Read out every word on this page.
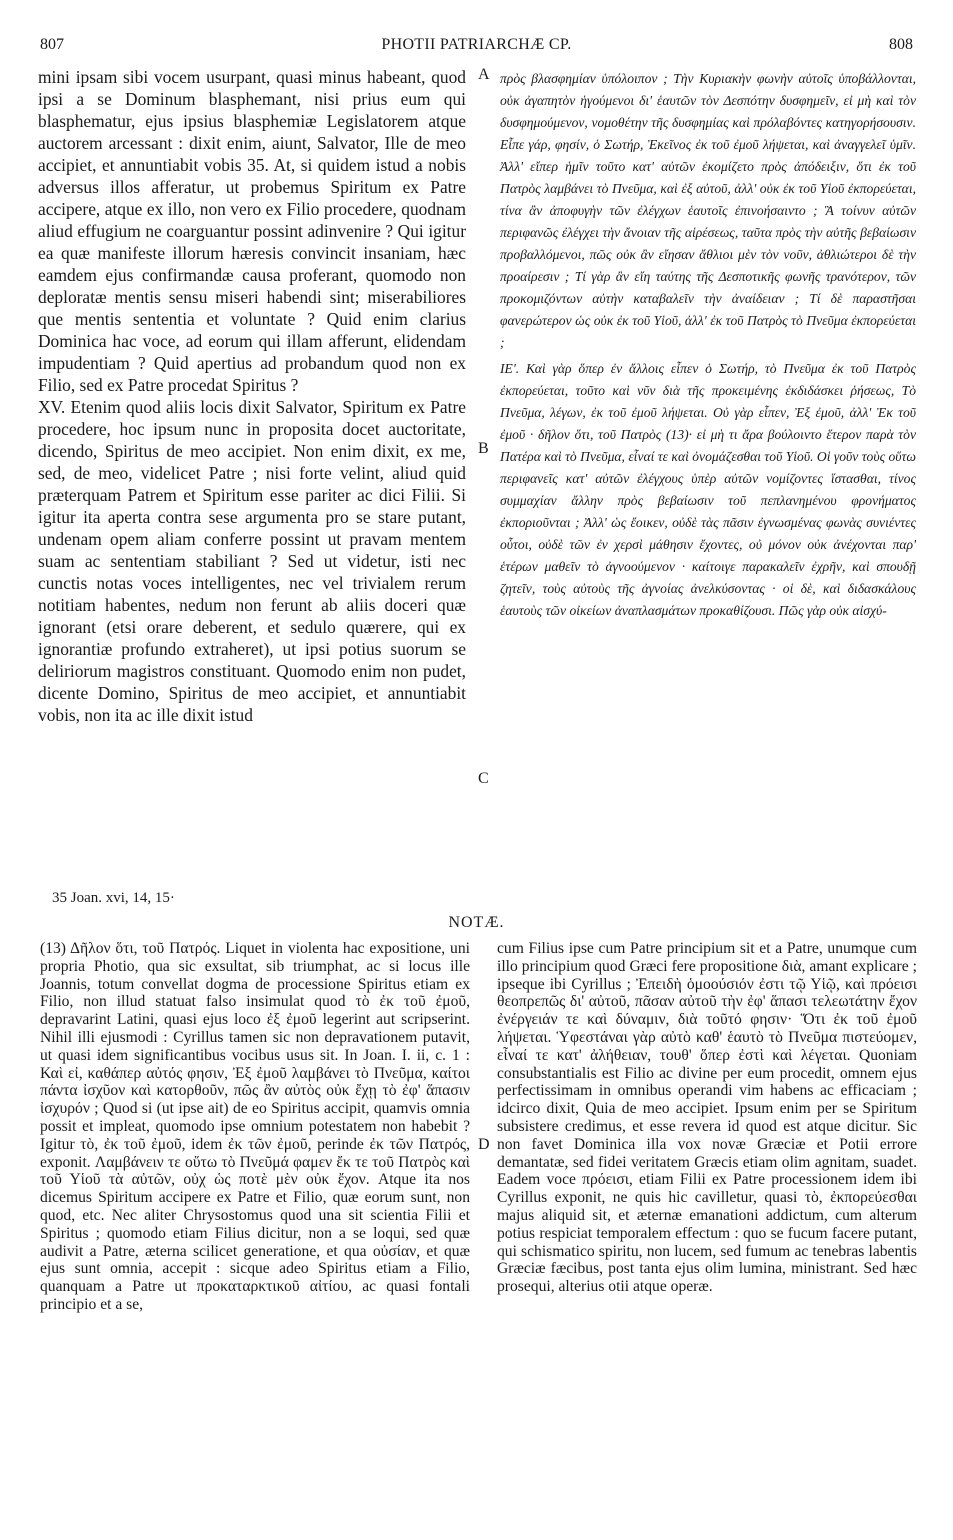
807	PHOTII PATRIARCHÆ CP.	808

mini ipsam sibi vocem usurpant, quasi minus habeant, quod ipsi a se Dominum blasphemant, nisi prius eum qui blasphematur, ejus ipsius blasphemiæ Legislatorem atque auctorem arcessant : dixit enim, aiunt, Salvator, Ille de meo accipiet, et annuntiabit vobis 35. At, si quidem istud a nobis adversus illos afferatur, ut probemus Spiritum ex Patre accipere, atque ex illo, non vero ex Filio procedere, quodnam aliud effugium ne coarguantur possint adinvenire ? Qui igitur ea quæ manifeste illorum hæresis convincit insaniam, hæc eamdem ejus confirmandæ causa proferant, quomodo non deploratæ mentis sensu miseri habendi sint; miserabiliores que mentis sententia et voluntate ? Quid enim clarius Dominica hac voce, ad eorum qui illam afferunt, elidendam impudentiam ? Quid apertius ad probandum quod non ex Filio, sed ex Patre procedat Spiritus ?

XV. Etenim quod aliis locis dixit Salvator, Spiritum ex Patre procedere, hoc ipsum nunc in proposita docet auctoritate, dicendo, Spiritus de meo accipiet. Non enim dixit, ex me, sed, de meo, videlicet Patre ; nisi forte velint, aliud quid præterquam Patrem et Spiritum esse pariter ac dici Filii. Si igitur ita aperta contra sese argumenta pro se stare putant, undenam opem aliam conferre possint ut pravam mentem suam ac sententiam stabiliant ? Sed ut videtur, isti nec cunctis notas voces intelligentes, nec vel trivialem rerum notitiam habentes, nedum non ferunt ab aliis doceri quæ ignorant (etsi orare deberent, et sedulo quærere, qui ex ignorantiæ profundo extraheret), ut ipsi potius suorum se deliriorum magistros constituant. Quomodo enim non pudet, dicente Domino, Spiritus de meo accipiet, et annuntiabit vobis, non ita ac ille dixit istud

A
B
C
D

πρὸς βλασφημίαν ὑπόλοιπον ; Τὴν Κυριακὴν φωνὴν αὐτοῖς ὑποβάλλονται, οὐκ ἀγαπητὸν ἡγούμενοι δι' ἑαυτῶν τὸν Δεσπότην δυσφημεῖν, εἰ μὴ καὶ τὸν δυσφημούμενον, νομοθέτην τῆς δυσφημίας καὶ πρόλαβόντες κατηγορήσουσιν. Εἶπε γάρ, φησίν, ὁ Σωτήρ, Ἐκεῖνος ἐκ τοῦ ἐμοῦ λήψεται, καὶ ἀναγγελεῖ ὑμῖν. Ἀλλ' εἴπερ ἡμῖν τοῦτο κατ' αὐτῶν ἐκομίζετο πρὸς ἀπόδειξιν, ὅτι ἐκ τοῦ Πατρὸς λαμβάνει τὸ Πνεῦμα, καὶ ἐξ αὐτοῦ, ἀλλ' οὐκ ἐκ τοῦ Υἱοῦ ἐκπορεύεται, τίνα ἂν ἀποφυγὴν τῶν ἐλέγχων ἑαυτοῖς ἐπινοήσαιντο ; Ἃ τοίνυν αὐτῶν περιφανῶς ἐλέγχει τὴν ἄνοιαν τῆς αἱρέσεως, ταῦτα πρὸς τὴν αὐτῆς βεβαίωσιν προβαλλόμενοι, πῶς οὐκ ἂν εἴησαν ἄθλιοι μὲν τὸν νοῦν, ἀθλιώτεροι δὲ τὴν προαίρεσιν ; Τί γὰρ ἂν εἴη ταύτης τῆς Δεσποτικῆς φωνῆς τρανότερον, τῶν προκομιζόντων αὐτὴν καταβαλεῖν τὴν ἀναίδειαν ; Τί δὲ παραστῆσαι φανερώτερον ὡς οὐκ ἐκ τοῦ Υἱοῦ, ἀλλ' ἐκ τοῦ Πατρὸς τὸ Πνεῦμα ἐκπορεύεται ;

ΙΕ'. Καὶ γὰρ ὅπερ ἐν ἄλλοις εἶπεν ὁ Σωτήρ, τὸ Πνεῦμα ἐκ τοῦ Πατρὸς ἐκπορεύεται, τοῦτο καὶ νῦν διὰ τῆς προκειμένης ἐκδιδάσκει ῥήσεως, Τὸ Πνεῦμα, λέγων, ἐκ τοῦ ἐμοῦ λήψεται. Οὐ γὰρ εἶπεν, Ἐξ ἐμοῦ, ἀλλ' Ἐκ τοῦ ἐμοῦ · δῆλον ὅτι, τοῦ Πατρὸς (13)· εἰ μὴ τι ἄρα βούλοιντο ἕτερον παρὰ τὸν Πατέρα καὶ τὸ Πνεῦμα, εἶναί τε καὶ ὀνομάζεσθαι τοῦ Υἱοῦ. Οἱ γοῦν τοὺς οὕτω περιφανεῖς κατ' αὐτῶν ἐλέγχους ὑπὲρ αὐτῶν νομίζοντες ἵστασθαι, τίνος συμμαχίαν ἄλλην πρὸς βεβαίωσιν τοῦ πεπλανημένου φρονήματος ἐκποριοῦνται ; Ἀλλ' ὡς ἔοικεν, οὐδὲ τὰς πᾶσιν ἐγνωσμένας φωνὰς συνιέντες οὗτοι, οὐδὲ τῶν ἐν χερσὶ μάθησιν ἔχοντες, οὐ μόνον οὐκ ἀνέχονται παρ' ἑτέρων μαθεῖν τὸ ἀγνοούμενον · καίτοιγε παρακαλεῖν ἐχρῆν, καὶ σπουδῇ ζητεῖν, τοὺς αὐτοὺς τῆς ἀγνοίας ἀνελκύσοντας · οἱ δὲ, καὶ διδασκάλους ἑαυτοὺς τῶν οἰκείων ἀναπλασμάτων προκαθίζουσι. Πῶς γὰρ οὐκ αἰσχύ-

35 Joan. xvi, 14, 15·
NOTÆ.

(13) Δῆλον ὅτι, τοῦ Πατρός. Liquet in violenta hac expositione, uni propria Photio, qua sic exsultat, sib triumphat, ac si locus ille Joannis, totum convellat dogma de processione Spiritus etiam ex Filio, non illud statuat falso insimulat quod τὸ ἐκ τοῦ ἐμοῦ, depravarint Latini, quasi ejus loco ἐξ ἐμοῦ legerint aut scripserint. Nihil illi ejusmodi : Cyrillus tamen sic non depravationem putavit, ut quasi idem significantibus vocibus usus sit. In Joan. I. ii, c. 1 : Καὶ εἰ, καθάπερ αὐτός φησιν, Ἐξ ἐμοῦ λαμβάνει τὸ Πνεῦμα, καίτοι πάντα ἰσχῦον καὶ κατορθοῦν, πῶς ἂν αὐτὸς οὐκ ἔχῃ τὸ ἐφ' ἅπασιν ἰσχυρόν ; Quod si (ut ipse ait) de eo Spiritus accipit, quamvis omnia possit et impleat, quomodo ipse omnium potestatem non habebit ? Igitur τὸ, ἐκ τοῦ ἐμοῦ, idem ἐκ τῶν ἐμοῦ, perinde ἐκ τῶν Πατρός, exponit. Λαμβάνειν τε οὕτω τὸ Πνεῦμά φαμεν ἔκ τε τοῦ Πατρὸς καὶ τοῦ Υἱοῦ τὰ αὐτῶν, οὐχ ὡς ποτὲ μὲν οὐκ ἔχον. Atque ita nos dicemus Spiritum accipere ex Patre et Filio, quæ eorum sunt, non quod, etc. Nec aliter Chrysostomus quod una sit scientia Filii et Spiritus ; quomodo etiam Filius dicitur, non a se loqui, sed quæ audivit a Patre, æterna scilicet generatione, et qua οὐσίαν, et quæ ejus sunt omnia, accepit : sicque adeo Spiritus etiam a Filio, quanquam a Patre ut προκαταρκτικοῦ αἰτίου, ac quasi fontali principio et a se,

cum Filius ipse cum Patre principium sit et a Patre, unumque cum illo principium quod Græci fere propositione διὰ, amant explicare ; ipseque ibi Cyrillus ; Ἐπειδὴ ὁμοούσιόν ἐστι τῷ Υἱῷ, καὶ πρόεισι θεοπρεπῶς δι' αὐτοῦ, πᾶσαν αὐτοῦ τὴν ἐφ' ἅπασι τελεωτάτην ἔχον ἐνέργειάν τε καὶ δύναμιν, διὰ τοῦτό φησιν· Ὅτι ἐκ τοῦ ἐμοῦ λήψεται. Ὑφεστάναι γὰρ αὐτὸ καθ' ἑαυτὸ τὸ Πνεῦμα πιστεύομεν, εἶναί τε κατ' ἀλήθειαν, τουθ' ὅπερ ἐστὶ καὶ λέγεται. Quoniam consubstantialis est Filio ac divine per eum procedit, omnem ejus perfectissimam in omnibus operandi vim habens ac efficaciam ; idcirco dixit, Quia de meo accipiet. Ipsum enim per se Spiritum subsistere credimus, et esse revera id quod est atque dicitur. Sic non favet Dominica illa vox novæ Græciæ et Potii errore demantatæ, sed fidei veritatem Græcis etiam olim agnitam, suadet. Eadem voce πρόεισι, etiam Filii ex Patre processionem idem ibi Cyrillus exponit, ne quis hic cavilletur, quasi τὸ, ἐκπορεύεσθαι majus aliquid sit, et æternæ emanationi addictum, cum alterum potius respiciat temporalem effectum : quo se fucum facere putant, qui schismatico spiritu, non lucem, sed fumum ac tenebras labentis Græciæ fæcibus, post tanta ejus olim lumina, ministrant. Sed hæc prosequi, alterius otii atque operæ.
